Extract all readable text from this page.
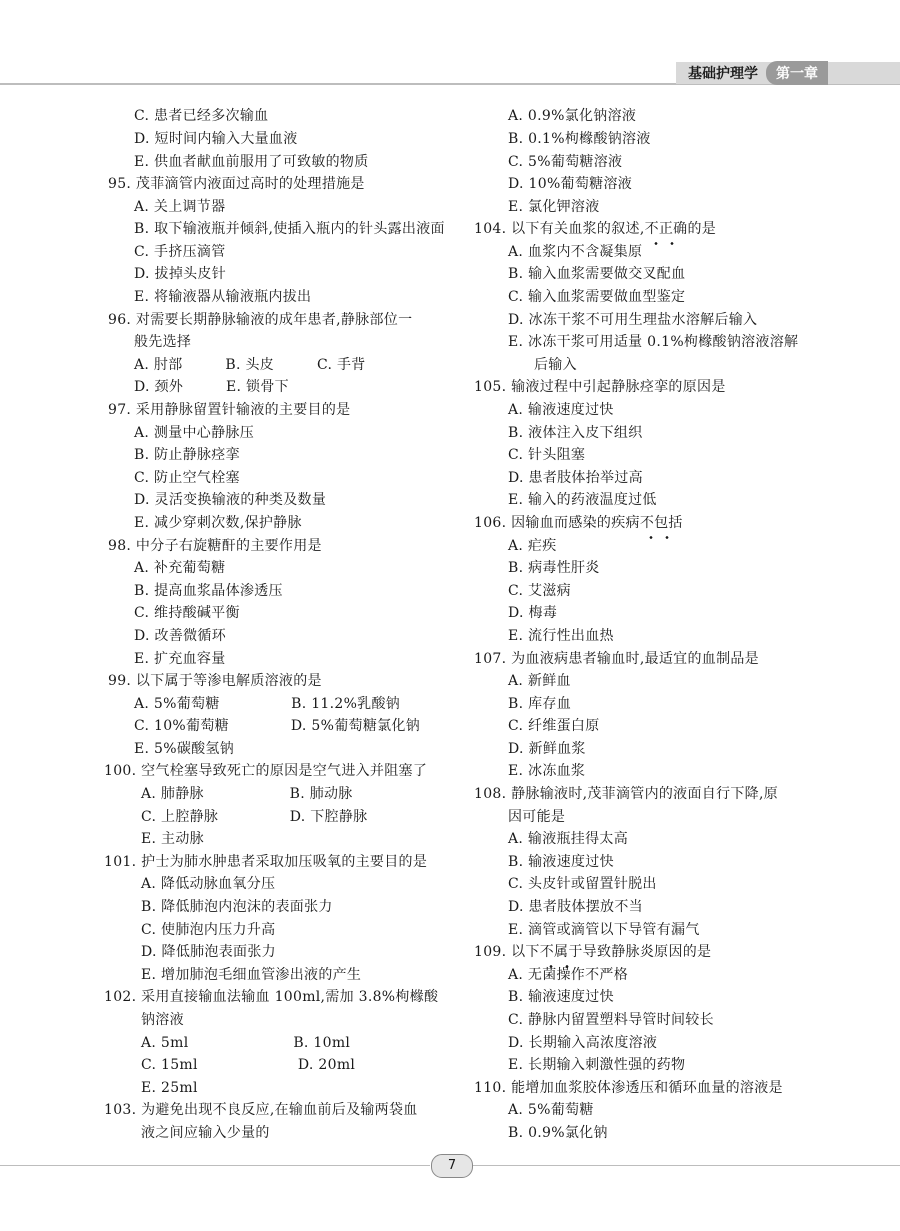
基础护理学	第一章
C. 患者已经多次输血
D. 短时间内输入大量血液
E. 供血者献血前服用了可致敏的物质
95. 茂菲滴管内液面过高时的处理措施是
A. 关上调节器
B. 取下输液瓶并倾斜,使插入瓶内的针头露出液面
C. 手挤压滴管
D. 拔掉头皮针
E. 将输液器从输液瓶内拔出
96. 对需要长期静脉输液的成年患者,静脉部位一
般先选择
A. 肘部　　　B. 头皮　　　C. 手背
D. 颈外　　　E. 锁骨下
97. 采用静脉留置针输液的主要目的是
A. 测量中心静脉压
B. 防止静脉痉挛
C. 防止空气栓塞
D. 灵活变换输液的种类及数量
E. 减少穿刺次数,保护静脉
98. 中分子右旋糖酐的主要作用是
A. 补充葡萄糖
B. 提高血浆晶体渗透压
C. 维持酸碱平衡
D. 改善微循环
E. 扩充血容量
99. 以下属于等渗电解质溶液的是
A. 5%葡萄糖　　　　　B. 11.2%乳酸钠
C. 10%葡萄糖　　　　 D. 5%葡萄糖氯化钠
E. 5%碳酸氢钠
100. 空气栓塞导致死亡的原因是空气进入并阻塞了
A. 肺静脉　　　　　　B. 肺动脉
C. 上腔静脉　　　　　D. 下腔静脉
E. 主动脉
101. 护士为肺水肿患者采取加压吸氧的主要目的是
A. 降低动脉血氧分压
B. 降低肺泡内泡沫的表面张力
C. 使肺泡内压力升高
D. 降低肺泡表面张力
E. 增加肺泡毛细血管渗出液的产生
102. 采用直接输血法输血 100ml,需加 3.8%枸橼酸
钠溶液
A. 5ml　　　　　　　 B. 10ml
C. 15ml　　　　　　　D. 20ml
E. 25ml
103. 为避免出现不良反应,在输血前后及输两袋血
液之间应输入少量的
A. 0.9%氯化钠溶液
B. 0.1%枸橼酸钠溶液
C. 5%葡萄糖溶液
D. 10%葡萄糖溶液
E. 氯化钾溶液
104. 以下有关血浆的叙述,不正确的是
A. 血浆内不含凝集原
B. 输入血浆需要做交叉配血
C. 输入血浆需要做血型鉴定
D. 冰冻干浆不可用生理盐水溶解后输入
E. 冰冻干浆可用适量 0.1%枸橼酸钠溶液溶解
后输入
105. 输液过程中引起静脉痉挛的原因是
A. 输液速度过快
B. 液体注入皮下组织
C. 针头阻塞
D. 患者肢体抬举过高
E. 输入的药液温度过低
106. 因输血而感染的疾病不包括
A. 疟疾
B. 病毒性肝炎
C. 艾滋病
D. 梅毒
E. 流行性出血热
107. 为血液病患者输血时,最适宜的血制品是
A. 新鲜血
B. 库存血
C. 纤维蛋白原
D. 新鲜血浆
E. 冰冻血浆
108. 静脉输液时,茂菲滴管内的液面自行下降,原
因可能是
A. 输液瓶挂得太高
B. 输液速度过快
C. 头皮针或留置针脱出
D. 患者肢体摆放不当
E. 滴管或滴管以下导管有漏气
109. 以下不属于导致静脉炎原因的是
A. 无菌操作不严格
B. 输液速度过快
C. 静脉内留置塑料导管时间较长
D. 长期输入高浓度溶液
E. 长期输入刺激性强的药物
110. 能增加血浆胶体渗透压和循环血量的溶液是
A. 5%葡萄糖
B. 0.9%氯化钠
7
